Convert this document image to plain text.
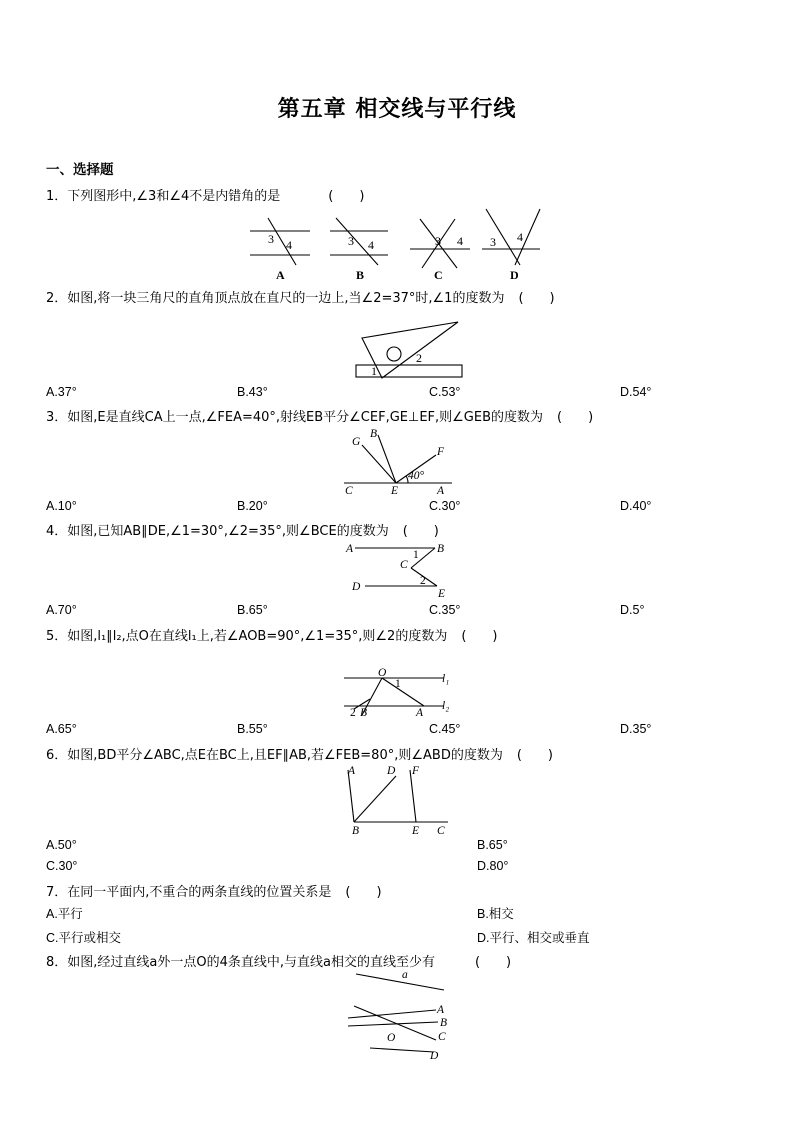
第五章 相交线与平行线
一、选择题
1．下列图形中,∠3和∠4不是内错角的是	(　　)
3 4	3 4	3 4 3 4
A	B	C	D
2．如图,将一块三角尺的直角顶点放在直尺的一边上,当∠2=37°时,∠1的度数为 (　　)
2
1
A.37°	B.43°	C.53°	D.54°
3．如图,E是直线CA上一点,∠FEA=40°,射线EB平分∠CEF,GE⊥EF,则∠GEB的度数为 (　　)
G
B
F
40°
C	E	A
A.10°	B.20°	C.30°	D.40°
4．如图,已知AB∥DE,∠1=30°,∠2=35°,则∠BCE的度数为 (　　)
A	B
1
C
D	2
E
A.70°	B.65°	C.35°	D.5°
5．如图,l₁∥l₂,点O在直线l₁上,若∠AOB=90°,∠1=35°,则∠2的度数为 (　　)
O
1	l₁
l₂
2 B	A
A.65°	B.55°	C.45°	D.35°
6．如图,BD平分∠ABC,点E在BC上,且EF∥AB,若∠FEB=80°,则∠ABD的度数为 (　　)
A	D F
B	E C
A.50°	B.65°
C.30°	D.80°
7．在同一平面内,不重合的两条直线的位置关系是 (　　)
A.平行	B.相交
C.平行或相交	D.平行、相交或垂直
8．如图,经过直线a外一点O的4条直线中,与直线a相交的直线至少有	(　　)
a
A
B
C
D
O
